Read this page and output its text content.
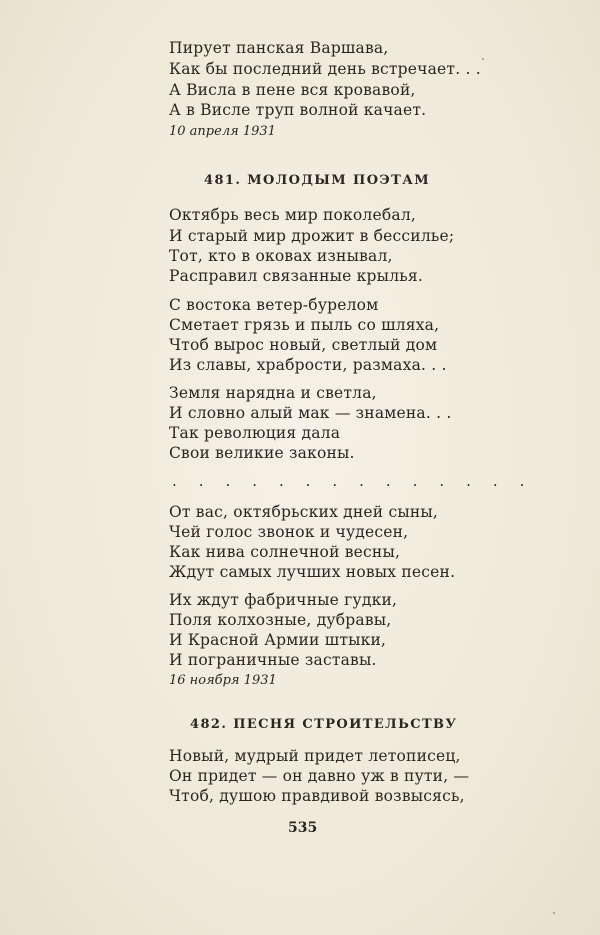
Пирует панская Варшава,
Как бы последний день встречает. . .
А Висла в пене вся кровавой,
А в Висле труп волной качает.
10 апреля 1931
481. МОЛОДЫМ ПОЭТАМ
Октябрь весь мир поколебал,
И старый мир дрожит в бессилье;
Тот, кто в оковах изнывал,
Расправил связанные крылья.
С востока ветер-бурелом
Сметает грязь и пыль со шляха,
Чтоб вырос новый, светлый дом
Из славы, храбрости, размаха. . .
Земля нарядна и светла,
И словно алый мак — знамена. . .
Так революция дала
Свои великие законы.
. . . . . . . . . . . . . .
От вас, октябрьских дней сыны,
Чей голос звонок и чудесен,
Как нива солнечной весны,
Ждут самых лучших новых песен.
Их ждут фабричные гудки,
Поля колхозные, дубравы,
И Красной Армии штыки,
И пограничные заставы.
16 ноября 1931
482. ПЕСНЯ СТРОИТЕЛЬСТВУ
Новый, мудрый придет летописец,
Он придет — он давно уж в пути, —
Чтоб, душою правдивой возвысясь,
535
